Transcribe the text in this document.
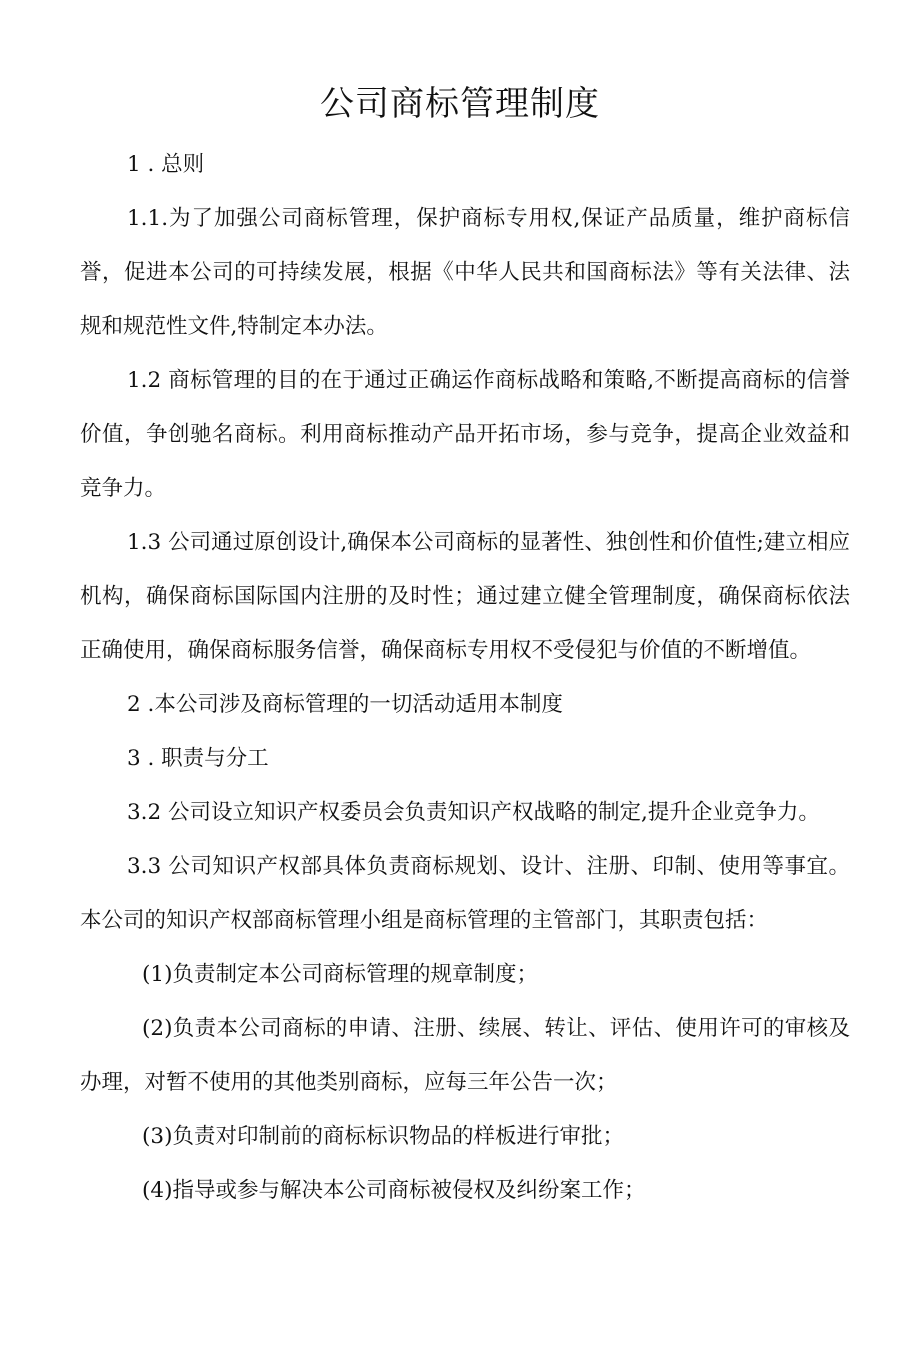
公司商标管理制度

1 . 总则

1.1.为了加强公司商标管理，保护商标专用权,保证产品质量，维护商标信誉，促进本公司的可持续发展，根据《中华人民共和国商标法》等有关法律、法规和规范性文件,特制定本办法。

1.2 商标管理的目的在于通过正确运作商标战略和策略,不断提高商标的信誉价值，争创驰名商标。利用商标推动产品开拓市场，参与竞争，提高企业效益和竞争力。

1.3 公司通过原创设计,确保本公司商标的显著性、独创性和价值性;建立相应机构，确保商标国际国内注册的及时性；通过建立健全管理制度，确保商标依法正确使用，确保商标服务信誉，确保商标专用权不受侵犯与价值的不断增值。

2 .本公司涉及商标管理的一切活动适用本制度

3 . 职责与分工

3.2 公司设立知识产权委员会负责知识产权战略的制定,提升企业竞争力。

3.3 公司知识产权部具体负责商标规划、设计、注册、印制、使用等事宜。本公司的知识产权部商标管理小组是商标管理的主管部门，其职责包括：

(1)负责制定本公司商标管理的规章制度；

(2)负责本公司商标的申请、注册、续展、转让、评估、使用许可的审核及办理，对暂不使用的其他类别商标，应每三年公告一次；

(3)负责对印制前的商标标识物品的样板进行审批；

(4)指导或参与解决本公司商标被侵权及纠纷案工作；
